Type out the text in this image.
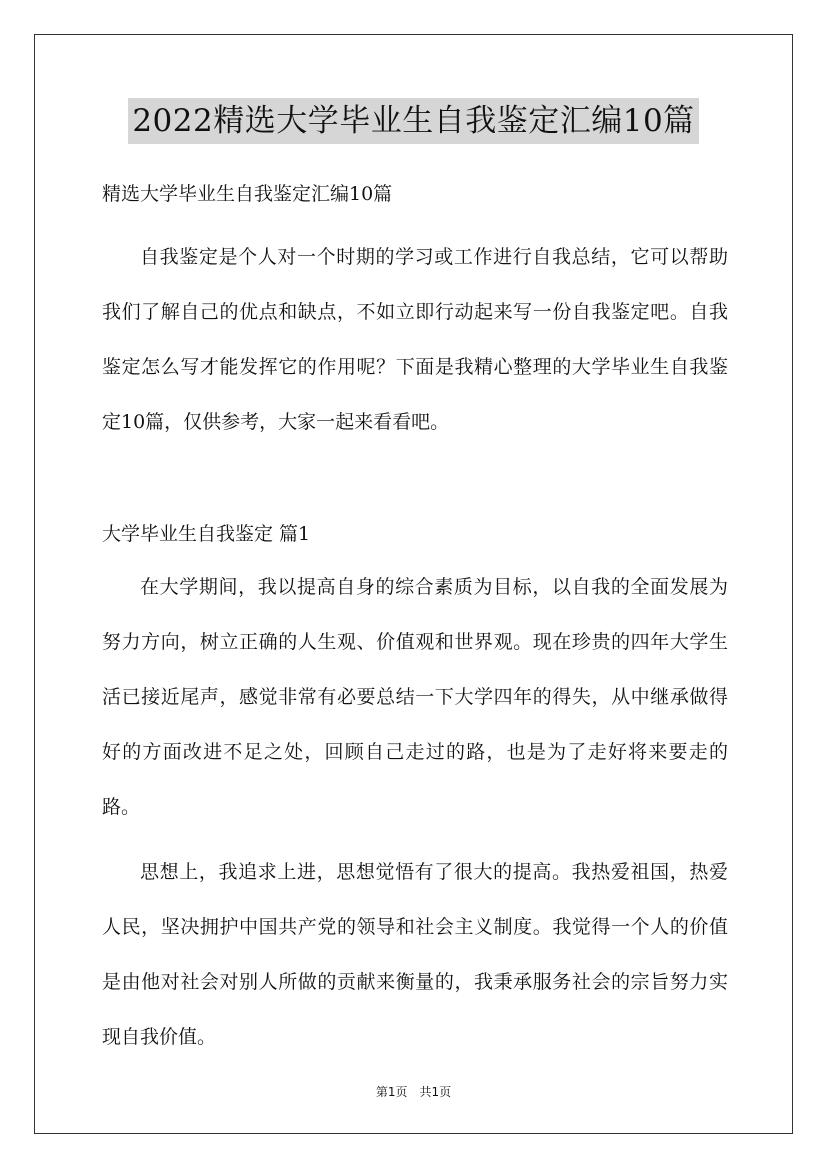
2022精选大学毕业生自我鉴定汇编10篇

精选大学毕业生自我鉴定汇编10篇

自我鉴定是个人对一个时期的学习或工作进行自我总结，它可以帮助我们了解自己的优点和缺点，不如立即行动起来写一份自我鉴定吧。自我鉴定怎么写才能发挥它的作用呢？下面是我精心整理的大学毕业生自我鉴定10篇，仅供参考，大家一起来看看吧。

大学毕业生自我鉴定 篇1

在大学期间，我以提高自身的综合素质为目标，以自我的全面发展为努力方向，树立正确的人生观、价值观和世界观。现在珍贵的四年大学生活已接近尾声，感觉非常有必要总结一下大学四年的得失，从中继承做得好的方面改进不足之处，回顾自己走过的路，也是为了走好将来要走的路。

思想上，我追求上进，思想觉悟有了很大的提高。我热爱祖国，热爱人民，坚决拥护中国共产党的领导和社会主义制度。我觉得一个人的价值是由他对社会对别人所做的贡献来衡量的，我秉承服务社会的宗旨努力实现自我价值。

第1页　共1页
